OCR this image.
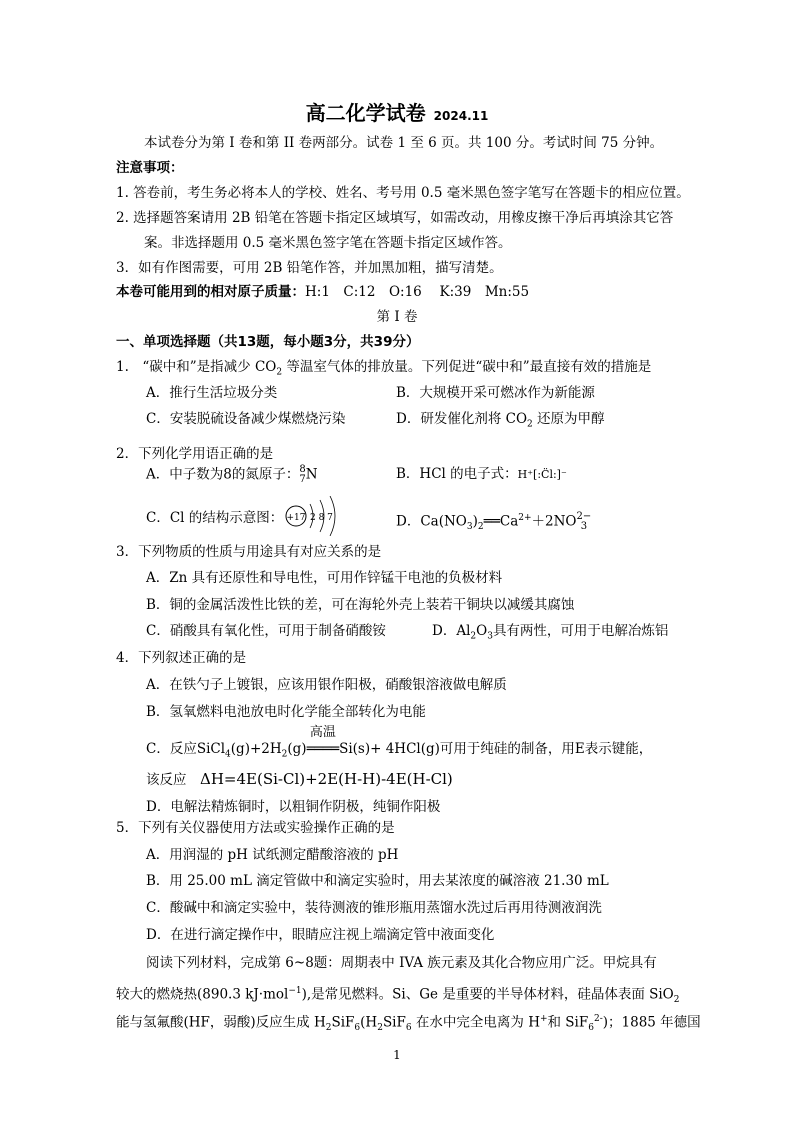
高二化学试卷 2024.11
本试卷分为第 I 卷和第 II 卷两部分。试卷 1 至 6 页。共 100 分。考试时间 75 分钟。
注意事项：
1. 答卷前，考生务必将本人的学校、姓名、考号用 0.5 毫米黑色签字笔写在答题卡的相应位置。
2. 选择题答案请用 2B 铅笔在答题卡指定区域填写，如需改动，用橡皮擦干净后再填涂其它答
案。非选择题用 0.5 毫米黑色签字笔在答题卡指定区域作答。
3．如有作图需要，可用 2B 铅笔作答，并加黑加粗，描写清楚。
本卷可能用到的相对原子质量：H:1　C:12　O:16　 K:39　Mn:55
第 Ⅰ 卷
一、单项选择题（共13题，每小题3分，共39分）
1.　“碳中和”是指减少 $CO_2$ 等温室气体的排放量。下列促进“碳中和”最直接有效的措施是
A．推行生活垃圾分类	B．大规模开采可燃冰作为新能源
C．安装脱硫设备减少煤燃烧污染	D．研发催化剂将 $CO_2$ 还原为甲醇
2．下列化学用语正确的是
A．中子数为8的氮原子：8
7N	B．HCl 的电子式：H⁺[:C̈l:]⁻
C．Cl 的结构示意图： +17 2 8 7	D．$Ca(NO_3)_2══Ca^{2+}+2NO2-$
3
3．下列物质的性质与用途具有对应关系的是
A．Zn 具有还原性和导电性，可用作锌锰干电池的负极材料
B．铜的金属活泼性比铁的差，可在海轮外壳上装若干铜块以减缓其腐蚀
C．硝酸具有氧化性，可用于制备硝酸铵	D．$Al_2O_3$具有两性，可用于电解冶炼铝
4．下列叙述正确的是
A．在铁勺子上镀银，应该用银作阳极，硝酸银溶液做电解质
B．氢氧燃料电池放电时化学能全部转化为电能
C．反应$SiCl_4(g)+2H_2(g)$
高温
════Si(s)+ 4HCl(g)可用于纯硅的制备，用E表示键能，
该反应　ΔH=4E(Si-Cl)+2E(H-H)-4E(H-Cl)
D．电解法精炼铜时，以粗铜作阴极，纯铜作阳极
5．下列有关仪器使用方法或实验操作正确的是
A．用润湿的 pH 试纸测定醋酸溶液的 pH
B．用 25.00 mL 滴定管做中和滴定实验时，用去某浓度的碱溶液 21.30 mL
C．酸碱中和滴定实验中，装待测液的锥形瓶用蒸馏水洗过后再用待测液润洗
D．在进行滴定操作中，眼睛应注视上端滴定管中液面变化
阅读下列材料，完成第 6~8题：周期表中 IVA 族元素及其化合物应用广泛。甲烷具有
较大的燃烧热(890.3 kJ·mol$^{-1}$),是常见燃料。Si、Ge 是重要的半导体材料，硅晶体表面 SiO$_2$
能与氢氟酸(HF，弱酸)反应生成 $H_2SiF_6(H_2SiF_6$ 在水中完全电离为 H+和 SiF$_6^{2-}$)；1885 年德国
1
